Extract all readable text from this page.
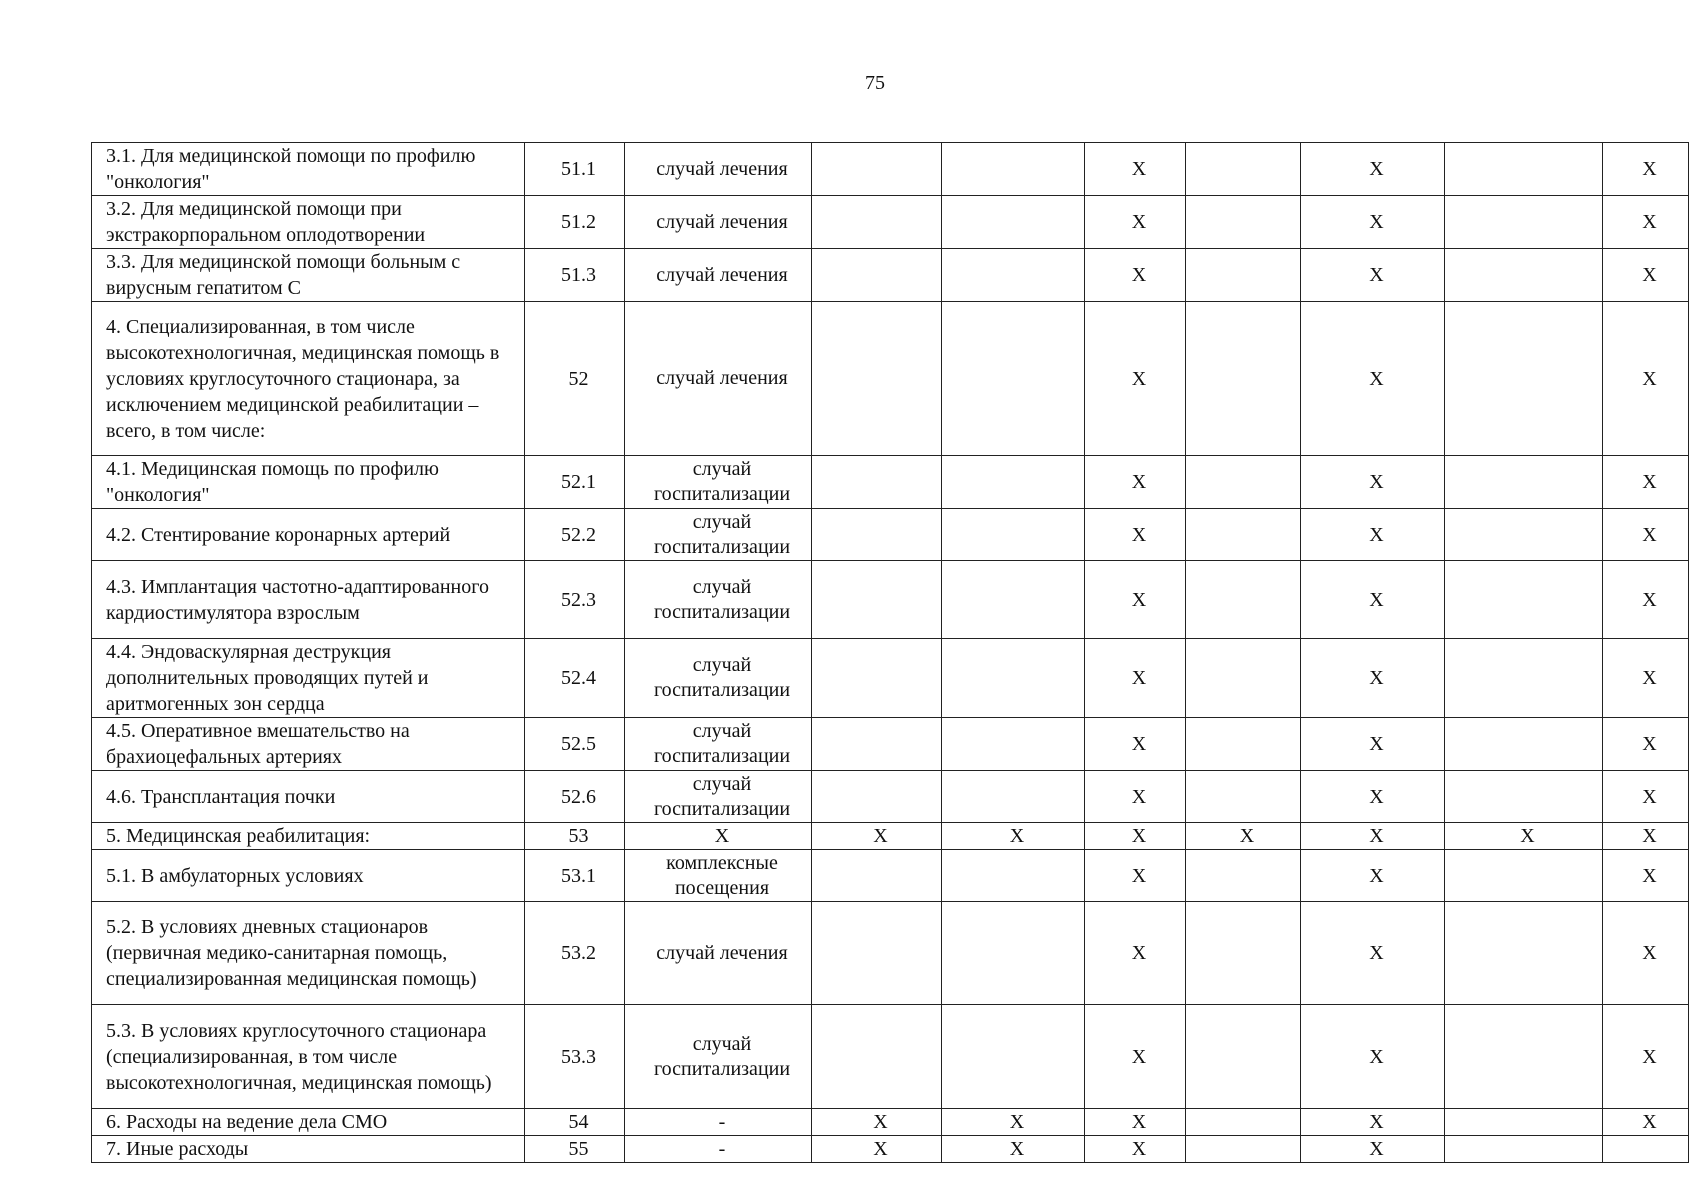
75
3.1. Для медицинской помощи по профилю "онкология"	51.1	случай лечения			Х		Х		Х
3.2. Для медицинской помощи при экстракорпоральном оплодотворении	51.2	случай лечения			Х		Х		Х
3.3. Для медицинской помощи больным с вирусным гепатитом С	51.3	случай лечения			Х		Х		Х
4. Специализированная, в том числе высокотехнологичная, медицинская помощь в условиях круглосуточного стационара, за исключением медицинской реабилитации – всего, в том числе:	52	случай лечения			Х		Х		Х
4.1. Медицинская помощь по профилю "онкология"	52.1	случай госпитализации			Х		Х		Х
4.2. Стентирование коронарных артерий	52.2	случай госпитализации			Х		Х		Х
4.3. Имплантация частотно-адаптированного кардиостимулятора взрослым	52.3	случай госпитализации			Х		Х		Х
4.4. Эндоваскулярная деструкция дополнительных проводящих путей и аритмогенных зон сердца	52.4	случай госпитализации			Х		Х		Х
4.5. Оперативное вмешательство на брахиоцефальных артериях	52.5	случай госпитализации			Х		Х		Х
4.6. Трансплантация почки	52.6	случай госпитализации			Х		Х		Х
5. Медицинская реабилитация:	53	Х	Х	Х	Х	Х	Х	Х	Х
5.1. В амбулаторных условиях	53.1	комплексные посещения			Х		Х		Х
5.2. В условиях дневных стационаров (первичная медико-санитарная помощь, специализированная медицинская помощь)	53.2	случай лечения			Х		Х		Х
5.3. В условиях круглосуточного стационара (специализированная, в том числе высокотехнологичная, медицинская помощь)	53.3	случай госпитализации			Х		Х		Х
6. Расходы на ведение дела СМО	54	-	Х	Х	Х		Х		Х
7. Иные расходы	55	-	Х	Х	Х		Х		
